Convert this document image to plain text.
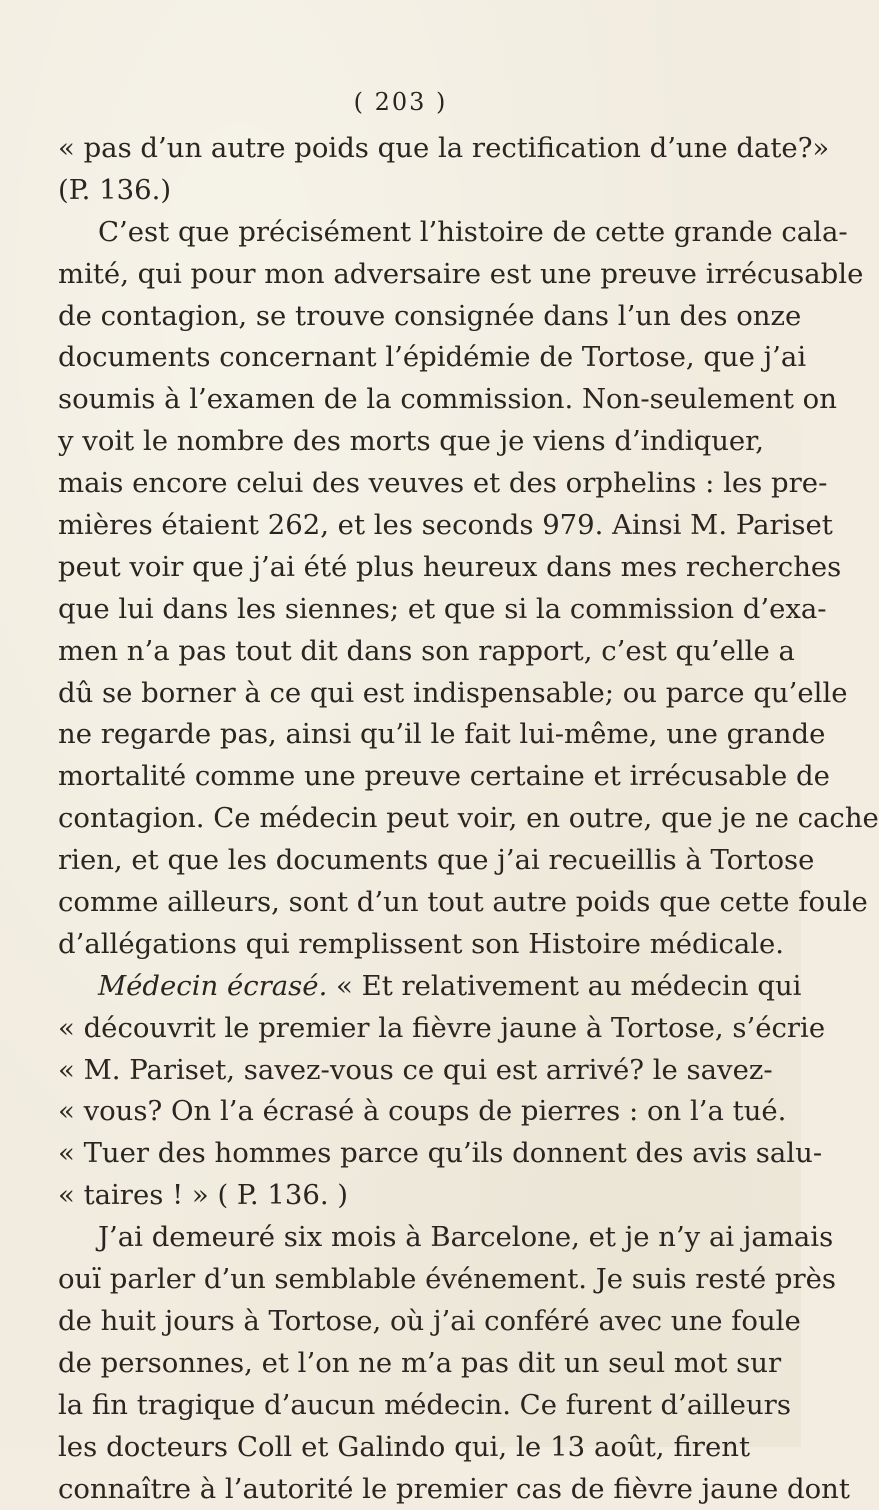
( 203 )
« pas d’un autre poids que la rectification d’une date?»
(P. 136.)
C’est que précisément l’histoire de cette grande cala-
mité, qui pour mon adversaire est une preuve irrécusable
de contagion, se trouve consignée dans l’un des onze
documents concernant l’épidémie de Tortose, que j’ai
soumis à l’examen de la commission. Non-seulement on
y voit le nombre des morts que je viens d’indiquer,
mais encore celui des veuves et des orphelins : les pre-
mières étaient 262, et les seconds 979. Ainsi M. Pariset
peut voir que j’ai été plus heureux dans mes recherches
que lui dans les siennes; et que si la commission d’exa-
men n’a pas tout dit dans son rapport, c’est qu’elle a
dû se borner à ce qui est indispensable; ou parce qu’elle
ne regarde pas, ainsi qu’il le fait lui-même, une grande
mortalité comme une preuve certaine et irrécusable de
contagion. Ce médecin peut voir, en outre, que je ne cache
rien, et que les documents que j’ai recueillis à Tortose
comme ailleurs, sont d’un tout autre poids que cette foule
d’allégations qui remplissent son Histoire médicale.
Médecin écrasé. « Et relativement au médecin qui
« découvrit le premier la fièvre jaune à Tortose, s’écrie
« M. Pariset, savez-vous ce qui est arrivé? le savez-
« vous? On l’a écrasé à coups de pierres : on l’a tué.
« Tuer des hommes parce qu’ils donnent des avis salu-
« taires ! » ( P. 136. )
J’ai demeuré six mois à Barcelone, et je n’y ai jamais
ouï parler d’un semblable événement. Je suis resté près
de huit jours à Tortose, où j’ai conféré avec une foule
de personnes, et l’on ne m’a pas dit un seul mot sur
la fin tragique d’aucun médecin. Ce furent d’ailleurs
les docteurs Coll et Galindo qui, le 13 août, firent
connaître à l’autorité le premier cas de fièvre jaune dont
